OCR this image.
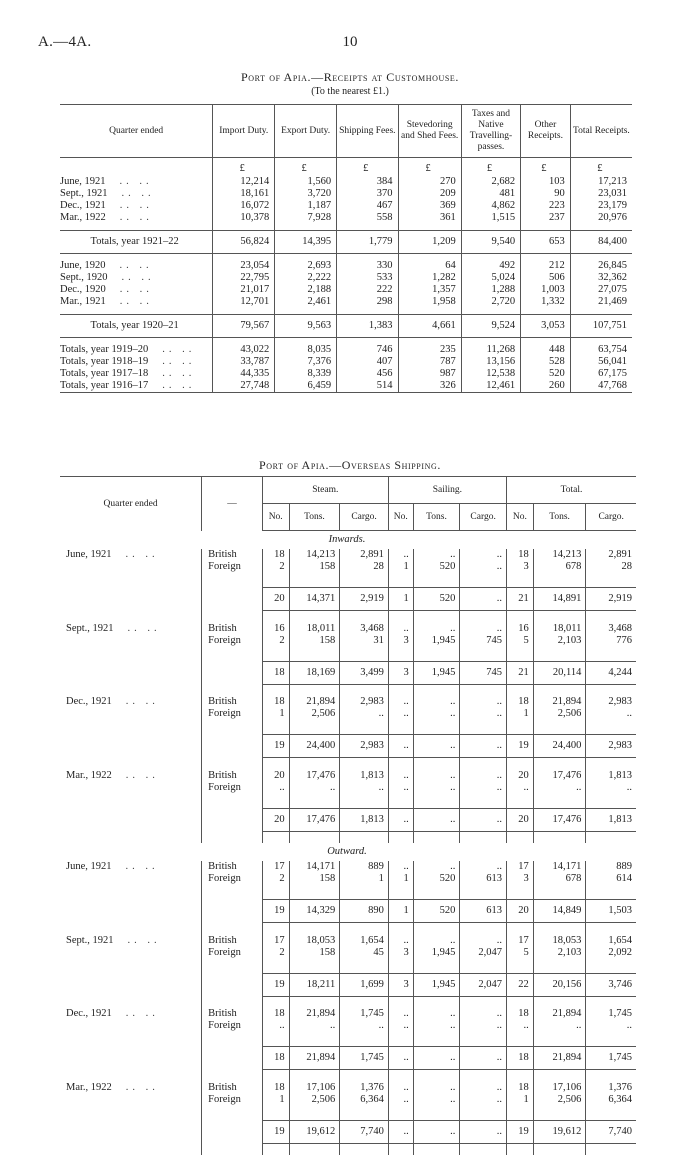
A.—4A.	10
Port of Apia.—Receipts at Customhouse.
(To the nearest £1.)
Quarter ended	Import Duty.	Export Duty.	Shipping Fees.	Stevedoring and Shed Fees.	Taxes and Native Travelling-passes.	Other Receipts.	Total Receipts.
	£	£	£	£	£	£	£
June, 1921 .. ..	12,214	1,560	384	270	2,682	103	17,213
Sept., 1921 .. ..	18,161	3,720	370	209	481	90	23,031
Dec., 1921 .. ..	16,072	1,187	467	369	4,862	223	23,179
Mar., 1922 .. ..	10,378	7,928	558	361	1,515	237	20,976

Totals, year 1921–22	56,824	14,395	1,779	1,209	9,540	653	84,400

June, 1920 .. ..	23,054	2,693	330	64	492	212	26,845
Sept., 1920 .. ..	22,795	2,222	533	1,282	5,024	506	32,362
Dec., 1920 .. ..	21,017	2,188	222	1,357	1,288	1,003	27,075
Mar., 1921 .. ..	12,701	2,461	298	1,958	2,720	1,332	21,469

Totals, year 1920–21	79,567	9,563	1,383	4,661	9,524	3,053	107,751

Totals, year 1919–20 .. ..	43,022	8,035	746	235	11,268	448	63,754
Totals, year 1918–19 .. ..	33,787	7,376	407	787	13,156	528	56,041
Totals, year 1917–18 .. ..	44,335	8,339	456	987	12,538	520	67,175
Totals, year 1916–17 .. ..	27,748	6,459	514	326	12,461	260	47,768
Port of Apia.—Overseas Shipping.
Quarter ended	—	Steam.			Sailing.			Total.		
		No.	Tons.	Cargo.	No.	Tons.	Cargo.	No.	Tons.	Cargo.
Inwards.										
June, 1921 .. ..	British	18	14,213	2,891	..	..	..	18	14,213	2,891
	Foreign	2	158	28	1	520	..	3	678	28

		20	14,371	2,919	1	520	..	21	14,891	2,919

Sept., 1921 .. ..	British	16	18,011	3,468	..	..	..	16	18,011	3,468
	Foreign	2	158	31	3	1,945	745	5	2,103	776

		18	18,169	3,499	3	1,945	745	21	20,114	4,244

Dec., 1921 .. ..	British	18	21,894	2,983	..	..	..	18	21,894	2,983
	Foreign	1	2,506	..	..	..	..	1	2,506	..

		19	24,400	2,983	..	..	..	19	24,400	2,983

Mar., 1922 .. ..	British	20	17,476	1,813	..	..	..	20	17,476	1,813
	Foreign	..	..	..	..	..	..	..	..	..

		20	17,476	1,813	..	..	..	20	17,476	1,813

Outward.										
June, 1921 .. ..	British	17	14,171	889	..	..	..	17	14,171	889
	Foreign	2	158	1	1	520	613	3	678	614

		19	14,329	890	1	520	613	20	14,849	1,503

Sept., 1921 .. ..	British	17	18,053	1,654	..	..	..	17	18,053	1,654
	Foreign	2	158	45	3	1,945	2,047	5	2,103	2,092

		19	18,211	1,699	3	1,945	2,047	22	20,156	3,746

Dec., 1921 .. ..	British	18	21,894	1,745	..	..	..	18	21,894	1,745
	Foreign	..	..	..	..	..	..	..	..	..

		18	21,894	1,745	..	..	..	18	21,894	1,745

Mar., 1922 .. ..	British	18	17,106	1,376	..	..	..	18	17,106	1,376
	Foreign	1	2,506	6,364	..	..	..	1	2,506	6,364

		19	19,612	7,740	..	..	..	19	19,612	7,740
